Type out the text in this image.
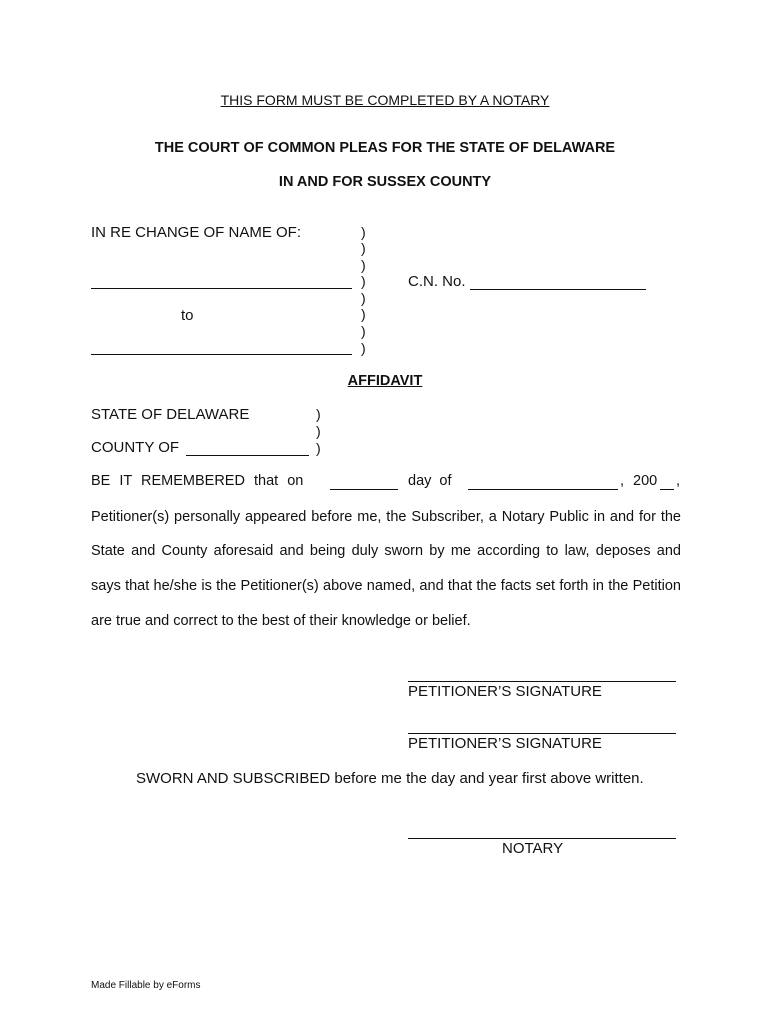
THIS FORM MUST BE COMPLETED BY A NOTARY
THE COURT OF COMMON PLEAS FOR THE STATE OF DELAWARE
IN AND FOR SUSSEX COUNTY
IN RE CHANGE OF NAME OF:	)
)
)
)
)
)
)
)
to
C.N. No.
AFFIDAVIT
STATE OF DELAWARE	)
)
)
COUNTY OF
BE IT REMEMBERED that on	day of	, 200 ,
Petitioner(s) personally appeared before me, the Subscriber, a Notary Public in and for the
State and County aforesaid and being duly sworn by me according to law, deposes and
says that he/she is the Petitioner(s) above named, and that the facts set forth in the Petition
are true and correct to the best of their knowledge or belief.
PETITIONER’S SIGNATURE
PETITIONER’S SIGNATURE
SWORN AND SUBSCRIBED before me the day and year first above written.
NOTARY
Made Fillable by eForms
